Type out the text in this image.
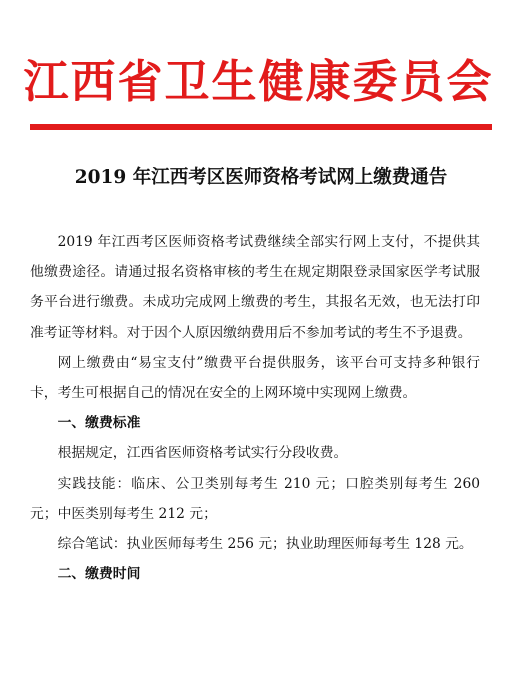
江西省卫生健康委员会
2019 年江西考区医师资格考试网上缴费通告

2019 年江西考区医师资格考试费继续全部实行网上支付，不提供其他缴费途径。请通过报名资格审核的考生在规定期限登录国家医学考试服务平台进行缴费。未成功完成网上缴费的考生，其报名无效，也无法打印准考证等材料。对于因个人原因缴纳费用后不参加考试的考生不予退费。

网上缴费由“易宝支付”缴费平台提供服务，该平台可支持多种银行卡，考生可根据自己的情况在安全的上网环境中实现网上缴费。

一、缴费标准

根据规定，江西省医师资格考试实行分段收费。

实践技能：临床、公卫类别每考生 210 元；口腔类别每考生 260 元；中医类别每考生 212 元；

综合笔试：执业医师每考生 256 元；执业助理医师每考生 128 元。

二、缴费时间
